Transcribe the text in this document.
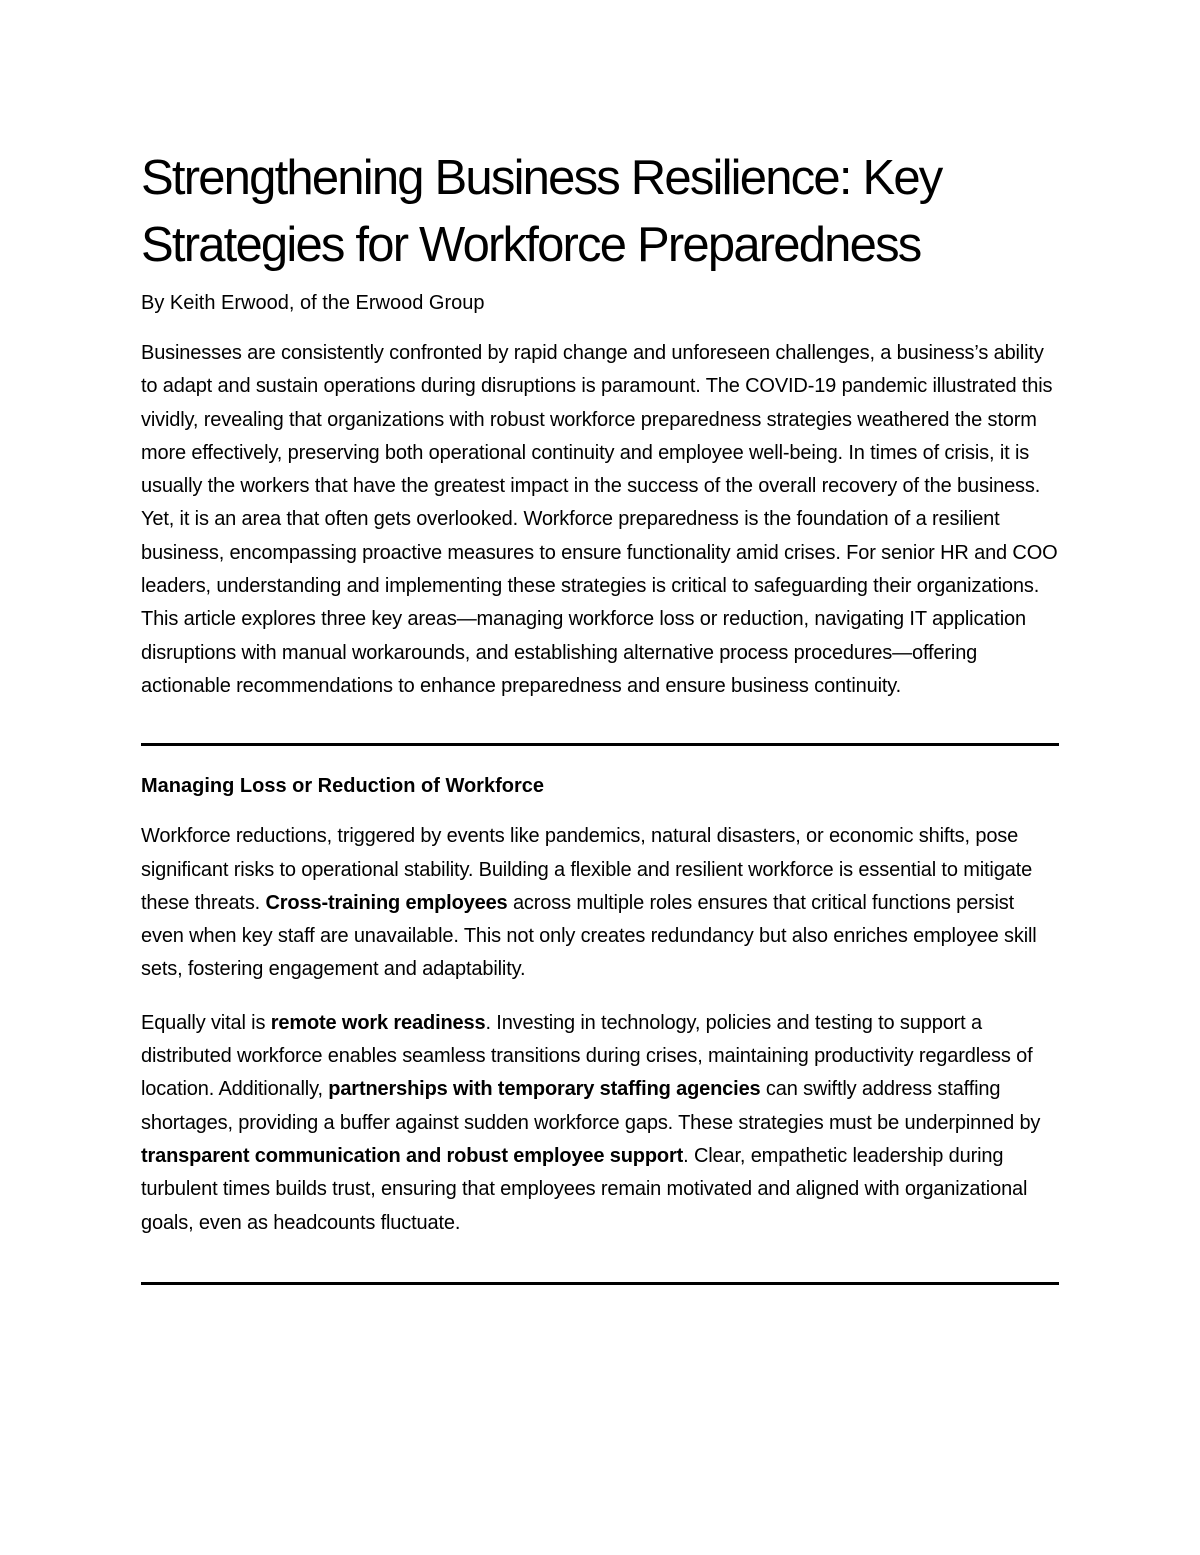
Strengthening Business Resilience: Key Strategies for Workforce Preparedness

By Keith Erwood, of the Erwood Group

Businesses are consistently confronted by rapid change and unforeseen challenges, a business’s ability to adapt and sustain operations during disruptions is paramount. The COVID-19 pandemic illustrated this vividly, revealing that organizations with robust workforce preparedness strategies weathered the storm more effectively, preserving both operational continuity and employee well-being. In times of crisis, it is usually the workers that have the greatest impact in the success of the overall recovery of the business. Yet, it is an area that often gets overlooked. Workforce preparedness is the foundation of a resilient business, encompassing proactive measures to ensure functionality amid crises. For senior HR and COO leaders, understanding and implementing these strategies is critical to safeguarding their organizations. This article explores three key areas—managing workforce loss or reduction, navigating IT application disruptions with manual workarounds, and establishing alternative process procedures—offering actionable recommendations to enhance preparedness and ensure business continuity.

Managing Loss or Reduction of Workforce

Workforce reductions, triggered by events like pandemics, natural disasters, or economic shifts, pose significant risks to operational stability. Building a flexible and resilient workforce is essential to mitigate these threats. Cross-training employees across multiple roles ensures that critical functions persist even when key staff are unavailable. This not only creates redundancy but also enriches employee skill sets, fostering engagement and adaptability.

Equally vital is remote work readiness. Investing in technology, policies and testing to support a distributed workforce enables seamless transitions during crises, maintaining productivity regardless of location. Additionally, partnerships with temporary staffing agencies can swiftly address staffing shortages, providing a buffer against sudden workforce gaps. These strategies must be underpinned by transparent communication and robust employee support. Clear, empathetic leadership during turbulent times builds trust, ensuring that employees remain motivated and aligned with organizational goals, even as headcounts fluctuate.
